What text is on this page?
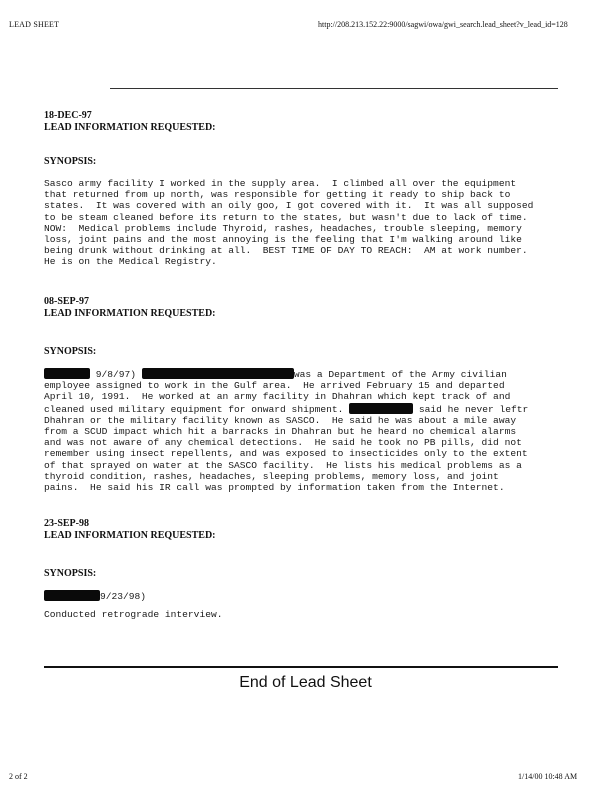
LEAD SHEET	http://208.213.152.22:9000/sagwi/owa/gwi_search.lead_sheet?v_lead_id=128
18-DEC-97
LEAD INFORMATION REQUESTED:
SYNOPSIS:
Sasco army facility I worked in the supply area.  I climbed all over the equipment
that returned from up north, was responsible for getting it ready to ship back to
states.  It was covered with an oily goo, I got covered with it.  It was all supposed
to be steam cleaned before its return to the states, but wasn't due to lack of time.
NOW:  Medical problems include Thyroid, rashes, headaches, trouble sleeping, memory
loss, joint pains and the most annoying is the feeling that I'm walking around like
being drunk without drinking at all.  BEST TIME OF DAY TO REACH:  AM at work number.
He is on the Medical Registry.
08-SEP-97
LEAD INFORMATION REQUESTED:
SYNOPSIS:
9/8/97)	was a Department of the Army civilian
employee assigned to work in the Gulf area.  He arrived February 15 and departed
April 10, 1991.  He worked at an army facility in Dhahran which kept track of and
cleaned used military equipment for onward shipment.	said he never leftr
Dhahran or the military facility known as SASCO.  He said he was about a mile away
from a SCUD impact which hit a barracks in Dhahran but he heard no chemical alarms
and was not aware of any chemical detections.  He said he took no PB pills, did not
remember using insect repellents, and was exposed to insecticides only to the extent
of that sprayed on water at the SASCO facility.  He lists his medical problems as a
thyroid condition, rashes, headaches, sleeping problems, memory loss, and joint
pains.  He said his IR call was prompted by information taken from the Internet.
23-SEP-98
LEAD INFORMATION REQUESTED:
SYNOPSIS:
9/23/98)
Conducted retrograde interview.
End of Lead Sheet
2 of 2	1/14/00 10:48 AM
